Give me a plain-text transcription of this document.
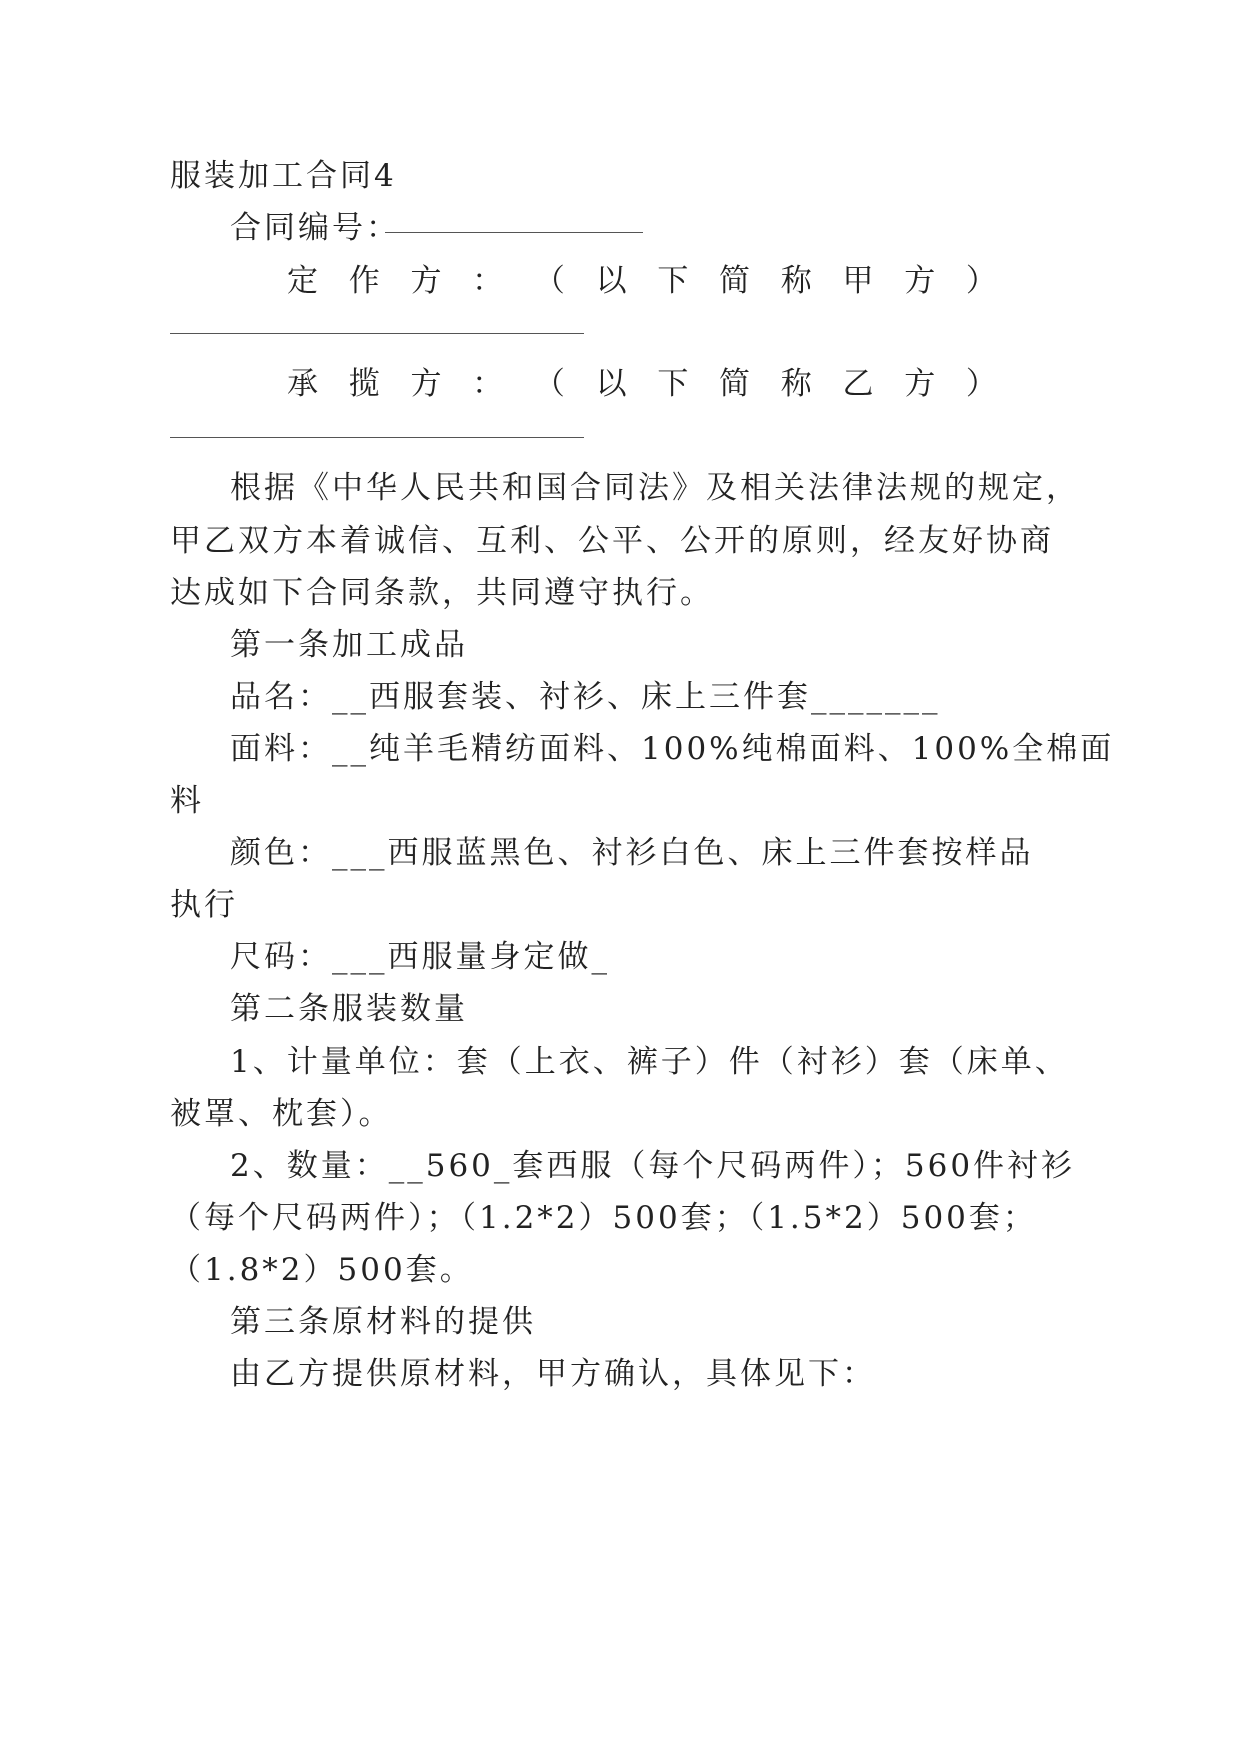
服装加工合同4
合同编号：
定 作 方 ： （ 以 下 简 称 甲 方 ）
承 揽 方 ： （ 以 下 简 称 乙 方 ）
根据《中华人民共和国合同法》及相关法律法规的规定，
甲乙双方本着诚信、互利、公平、公开的原则，经友好协商
达成如下合同条款，共同遵守执行。
第一条加工成品
品名：__西服套装、衬衫、床上三件套_______
面料：__纯羊毛精纺面料、100%纯棉面料、100%全棉面
料
颜色：___西服蓝黑色、衬衫白色、床上三件套按样品
执行
尺码：___西服量身定做_
第二条服装数量
1、计量单位：套（上衣、裤子）件（衬衫）套（床单、
被罩、枕套）。
2、数量：__560_套西服（每个尺码两件）；560件衬衫
（每个尺码两件）；（1.2*2）500套；（1.5*2）500套；
（1.8*2）500套。
第三条原材料的提供
由乙方提供原材料，甲方确认，具体见下：
